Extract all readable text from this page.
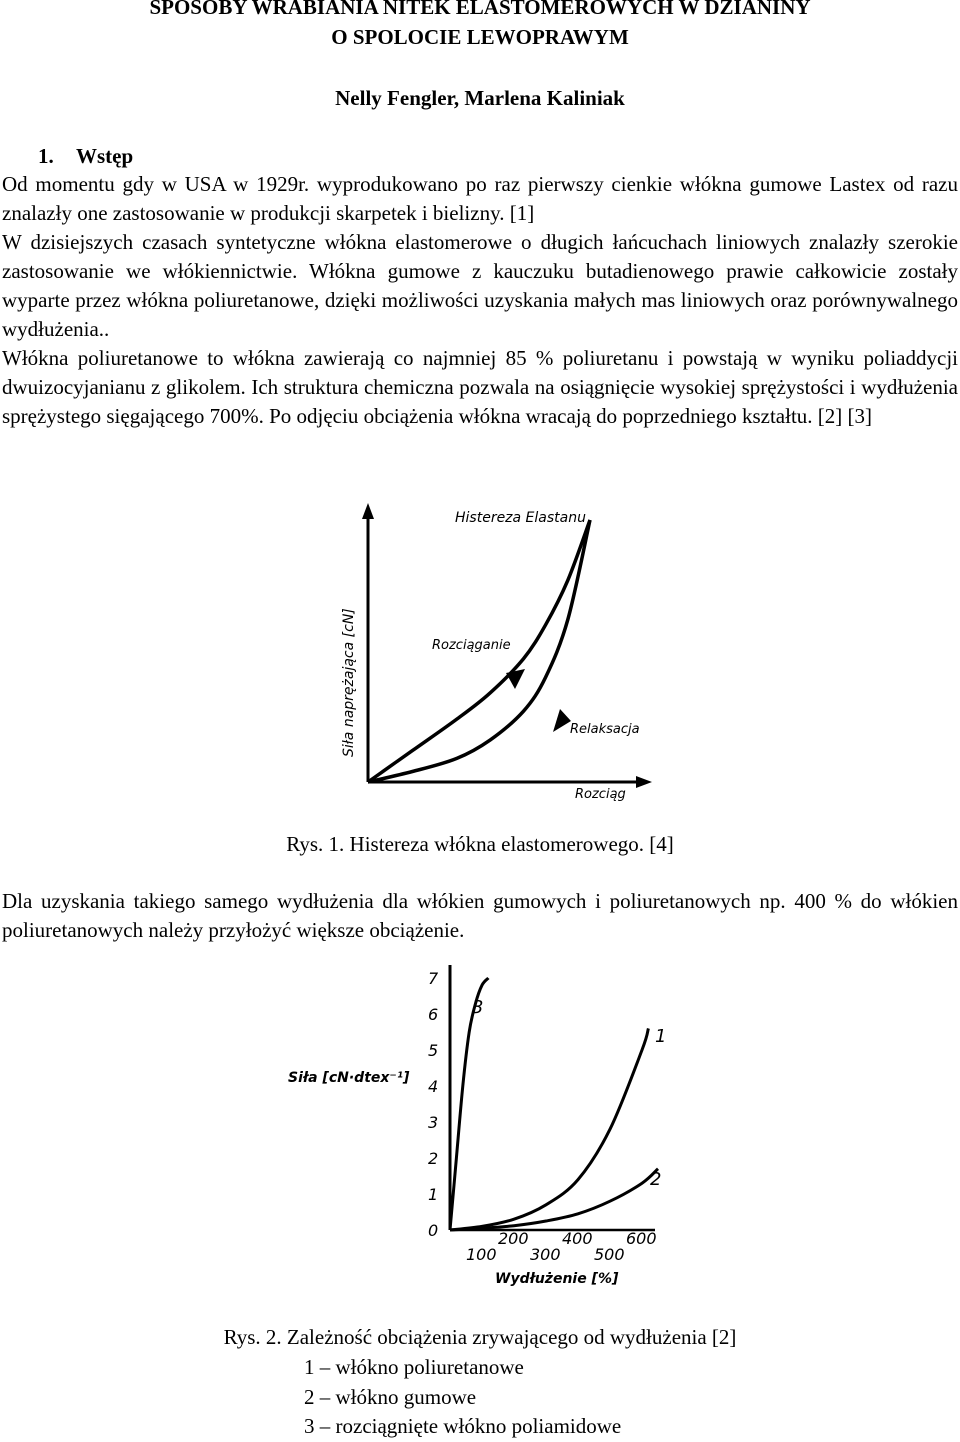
SPOSOBY WRABIANIA NITEK ELASTOMEROWYCH W DZIANINY
O SPOLOCIE LEWOPRAWYM
Nelly Fengler, Marlena Kaliniak
1. Wstęp

Od momentu gdy w USA w 1929r. wyprodukowano po raz pierwszy cienkie włókna gumowe Lastex od razu znalazły one zastosowanie w produkcji skarpetek i bielizny. [1]

W dzisiejszych czasach syntetyczne włókna elastomerowe o długich łańcuchach liniowych znalazły szerokie zastosowanie we włókiennictwie. Włókna gumowe z kauczuku butadienowego prawie całkowicie zostały wyparte przez włókna poliuretanowe, dzięki możliwości uzyskania małych mas liniowych oraz porównywalnego wydłużenia..

Włókna poliuretanowe to włókna zawierają co najmniej 85 % poliuretanu i powstają w wyniku poliaddycji dwuizocyjanianu z glikolem. Ich struktura chemiczna pozwala na osiągnięcie wysokiej sprężystości i wydłużenia sprężystego sięgającego 700%. Po odjęciu obciążenia włókna wracają do poprzedniego kształtu. [2] [3]

Histereza Elastanu
Rozciąganie
Relaksacja
Rozciąg
Siła naprężająca [cN]
Rys. 1. Histereza włókna elastomerowego. [4]
Dla uzyskania takiego samego wydłużenia dla włókien gumowych i poliuretanowych np. 400 % do włókien poliuretanowych należy przyłożyć większe obciążenie.
0
1
2
3
4
5
6
7
100
200
300
400
500
600
1
2
3
Siła [cN·dtex⁻¹]
Wydłużenie [%]
Rys. 2. Zależność obciążenia zrywającego od wydłużenia [2]
1 – włókno poliuretanowe
2 – włókno gumowe
3 – rozciągnięte włókno poliamidowe
